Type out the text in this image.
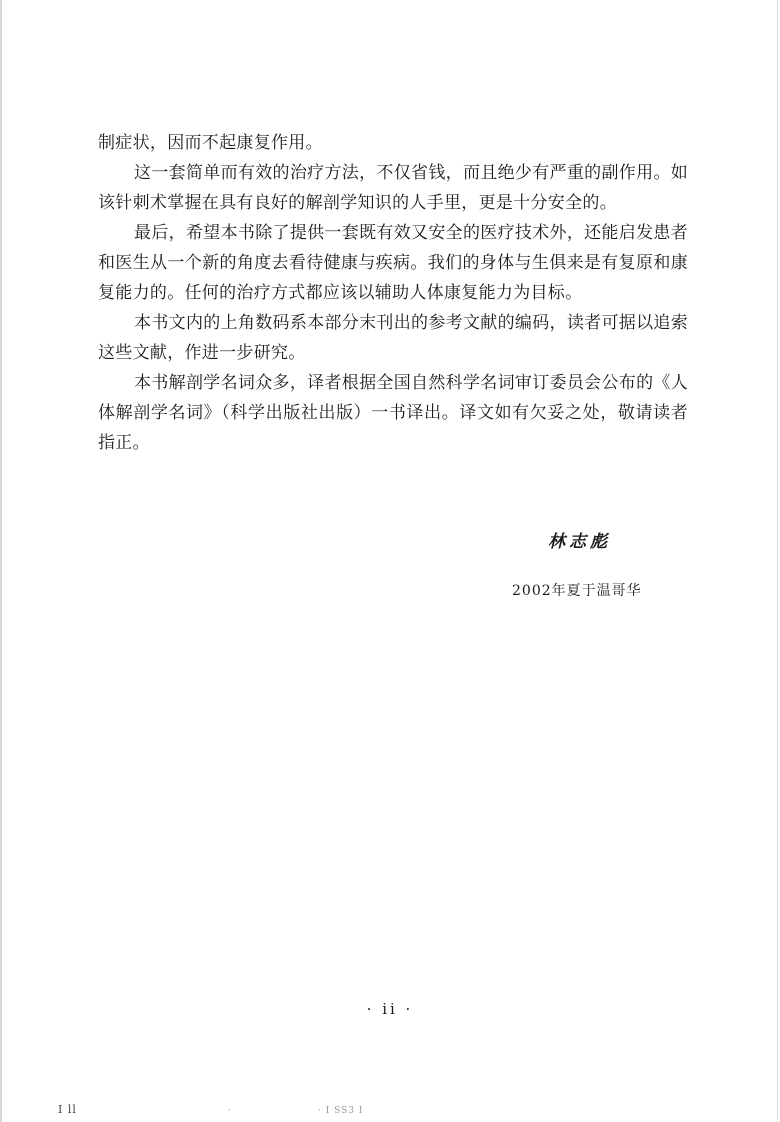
制症状，因而不起康复作用。

这一套简单而有效的治疗方法，不仅省钱，而且绝少有严重的副作用。如该针刺术掌握在具有良好的解剖学知识的人手里，更是十分安全的。

最后，希望本书除了提供一套既有效又安全的医疗技术外，还能启发患者和医生从一个新的角度去看待健康与疾病。我们的身体与生俱来是有复原和康复能力的。任何的治疗方式都应该以辅助人体康复能力为目标。

本书文内的上角数码系本部分末刊出的参考文献的编码，读者可据以追索这些文献，作进一步研究。

本书解剖学名词众多，译者根据全国自然科学名词审订委员会公布的《人体解剖学名词》（科学出版社出版）一书译出。译文如有欠妥之处，敬请读者指正。

林志彪
2002年夏于温哥华
· ii ·
I ll	·	· I SS3 I
